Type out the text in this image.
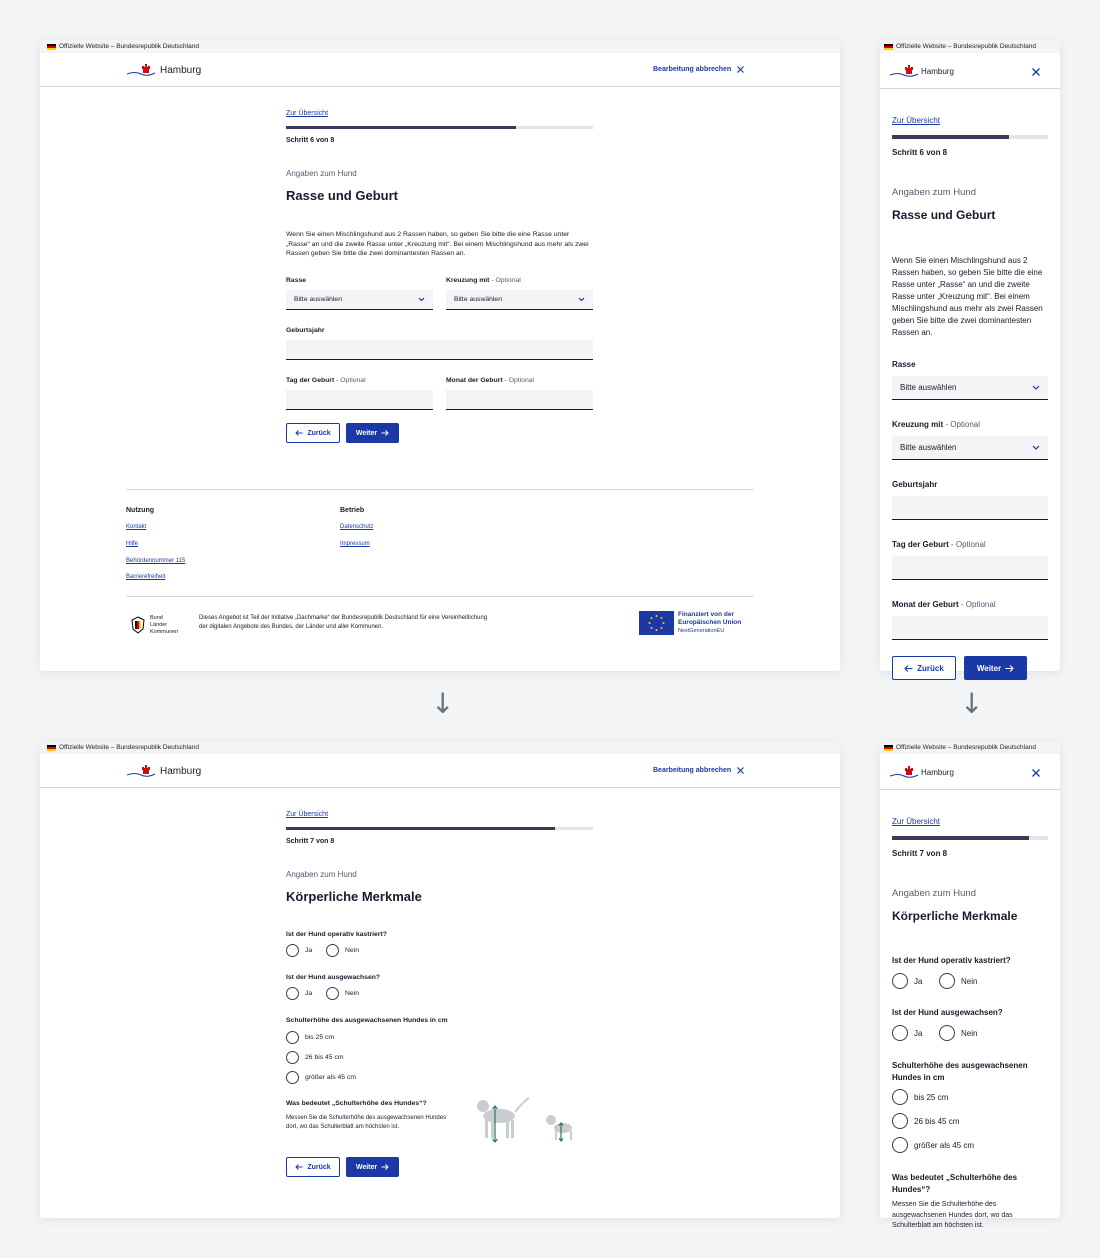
Offizielle Website – Bundesrepublik Deutschland
Hamburg	Bearbeitung abbrechen
Zur Übersicht
Schritt 6 von 8
Angaben zum Hund
Rasse und Geburt
Wenn Sie einen Mischlingshund aus 2 Rassen haben, so geben Sie bitte die eine Rasse unter „Rasse“ an und die zweite Rasse unter „Kreuzung mit“. Bei einem Mischlingshund aus mehr als zwei Rassen geben Sie bitte die zwei dominantesten Rassen an.
Rasse
Bitte auswählen
Kreuzung mit - Optional
Bitte auswählen
Geburtsjahr
Tag der Geburt - Optional	Monat der Geburt - Optional
Zurück	Weiter
Nutzung
Kontakt
Hilfe
Behördennummer 115
Barrierefreiheit
Betrieb
Datenschutz
Impressum
Bund
Länder
Kommunen
Dieses Angebot ist Teil der Initiative „Dachmarke“ der Bundesrepublik Deutschland für eine Vereinheitlichung der digitalen Angebote des Bundes, der Länder und aller Kommunen.
Finanziert von der
Europäischen Union
NextGenerationEU
Offizielle Website – Bundesrepublik Deutschland
Hamburg
Zur Übersicht
Schritt 6 von 8
Angaben zum Hund
Rasse und Geburt
Wenn Sie einen Mischlingshund aus 2 Rassen haben, so geben Sie bitte die eine Rasse unter „Rasse“ an und die zweite Rasse unter „Kreuzung mit“. Bei einem Mischlingshund aus mehr als zwei Rassen geben Sie bitte die zwei dominantesten Rassen an.
Rasse
Bitte auswählen
Kreuzung mit - Optional
Bitte auswählen
Geburtsjahr
Tag der Geburt - Optional
Monat der Geburt - Optional
Zurück	Weiter
↓	↓
Offizielle Website – Bundesrepublik Deutschland
Hamburg	Bearbeitung abbrechen
Zur Übersicht
Schritt 7 von 8
Angaben zum Hund
Körperliche Merkmale
Ist der Hund operativ kastriert?
Ja	Nein
Ist der Hund ausgewachsen?
Ja	Nein
Schulterhöhe des ausgewachsenen Hundes in cm
bis 25 cm
26 bis 45 cm
größer als 45 cm
Was bedeutet „Schulterhöhe des Hundes“?
Messen Sie die Schulterhöhe des ausgewachsenen Hundes dort, wo das Schulterblatt am höchsten ist.
Zurück	Weiter
Offizielle Website – Bundesrepublik Deutschland
Hamburg
Zur Übersicht
Schritt 7 von 8
Angaben zum Hund
Körperliche Merkmale
Ist der Hund operativ kastriert?
Ja	Nein
Ist der Hund ausgewachsen?
Ja	Nein
Schulterhöhe des ausgewachsenen Hundes in cm
bis 25 cm
26 bis 45 cm
größer als 45 cm
Was bedeutet „Schulterhöhe des Hundes“?
Messen Sie die Schulterhöhe des ausgewachsenen Hundes dort, wo das Schulterblatt am höchsten ist.
